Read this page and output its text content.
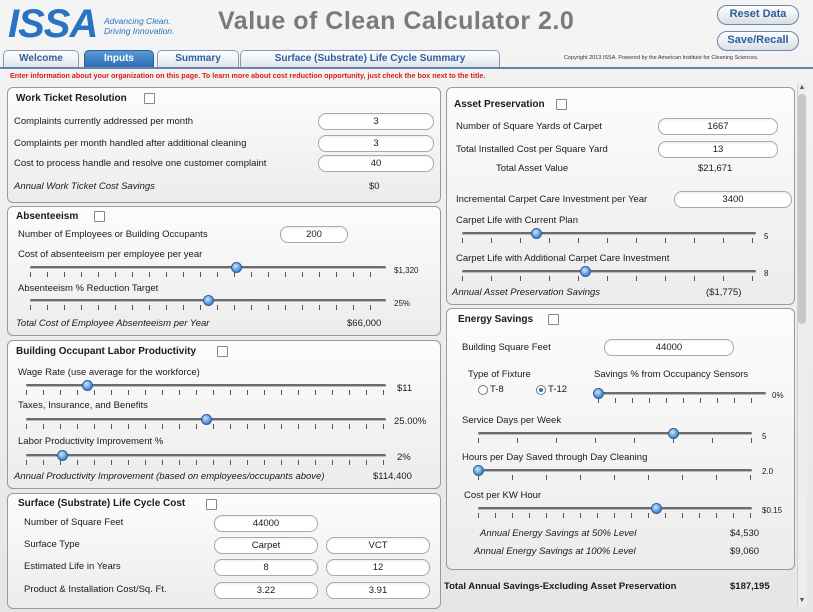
ISSA Advancing Clean.
Driving Innovation.	Value of Clean Calculator 2.0	Reset Data
Save/Recall
Welcome	Inputs	Summary	Surface (Substrate) Life Cycle Summary	Copyright 2013 ISSA. Powered by the American Institute for Cleaning Sciences.
Enter information about your organization on this page. To learn more about cost reduction opportunity, just check the box next to the title.
▲
▼
Work Ticket Resolution
Complaints currently addressed per month	3
Complaints per month handled after additional cleaning	3
Cost to process handle and resolve one customer complaint	40
Annual Work Ticket Cost Savings	$0
Absenteeism
Number of Employees or Building Occupants	200
Cost of absenteeism per employee per year
$1,320
Absenteeism % Reduction Target
25%
Total Cost of Employee Absenteeism per Year	$66,000
Building Occupant Labor Productivity
Wage Rate (use average for the workforce)
$11
Taxes, Insurance, and Benefits
25.00%
Labor Productivity Improvement %
2%
Annual Productivity Improvement (based on employees/occupants above)	$114,400
Surface (Substrate) Life Cycle Cost
Number of Square Feet	44000
Surface Type	Carpet	VCT
Estimated Life in Years	8	12
Product & Installation Cost/Sq. Ft.	3.22	3.91
Asset Preservation
Number of Square Yards of Carpet	1667
Total Installed Cost per Square Yard	13
Total Asset Value	$21,671
Incremental Carpet Care Investment per Year	3400
Carpet Life with Current Plan
5
Carpet Life with Additional Carpet Care Investment
8
Annual Asset Preservation Savings	($1,775)
Energy Savings
Building Square Feet	44000
Type of Fixture
T-8	T-12
Savings % from Occupancy Sensors
0%
Service Days per Week
5
Hours per Day Saved through Day Cleaning
2.0
Cost per KW Hour
$0.15
Annual Energy Savings at 50% Level	$4,530
Annual Energy Savings at 100% Level	$9,060
Total Annual Savings-Excluding Asset Preservation	$187,195
